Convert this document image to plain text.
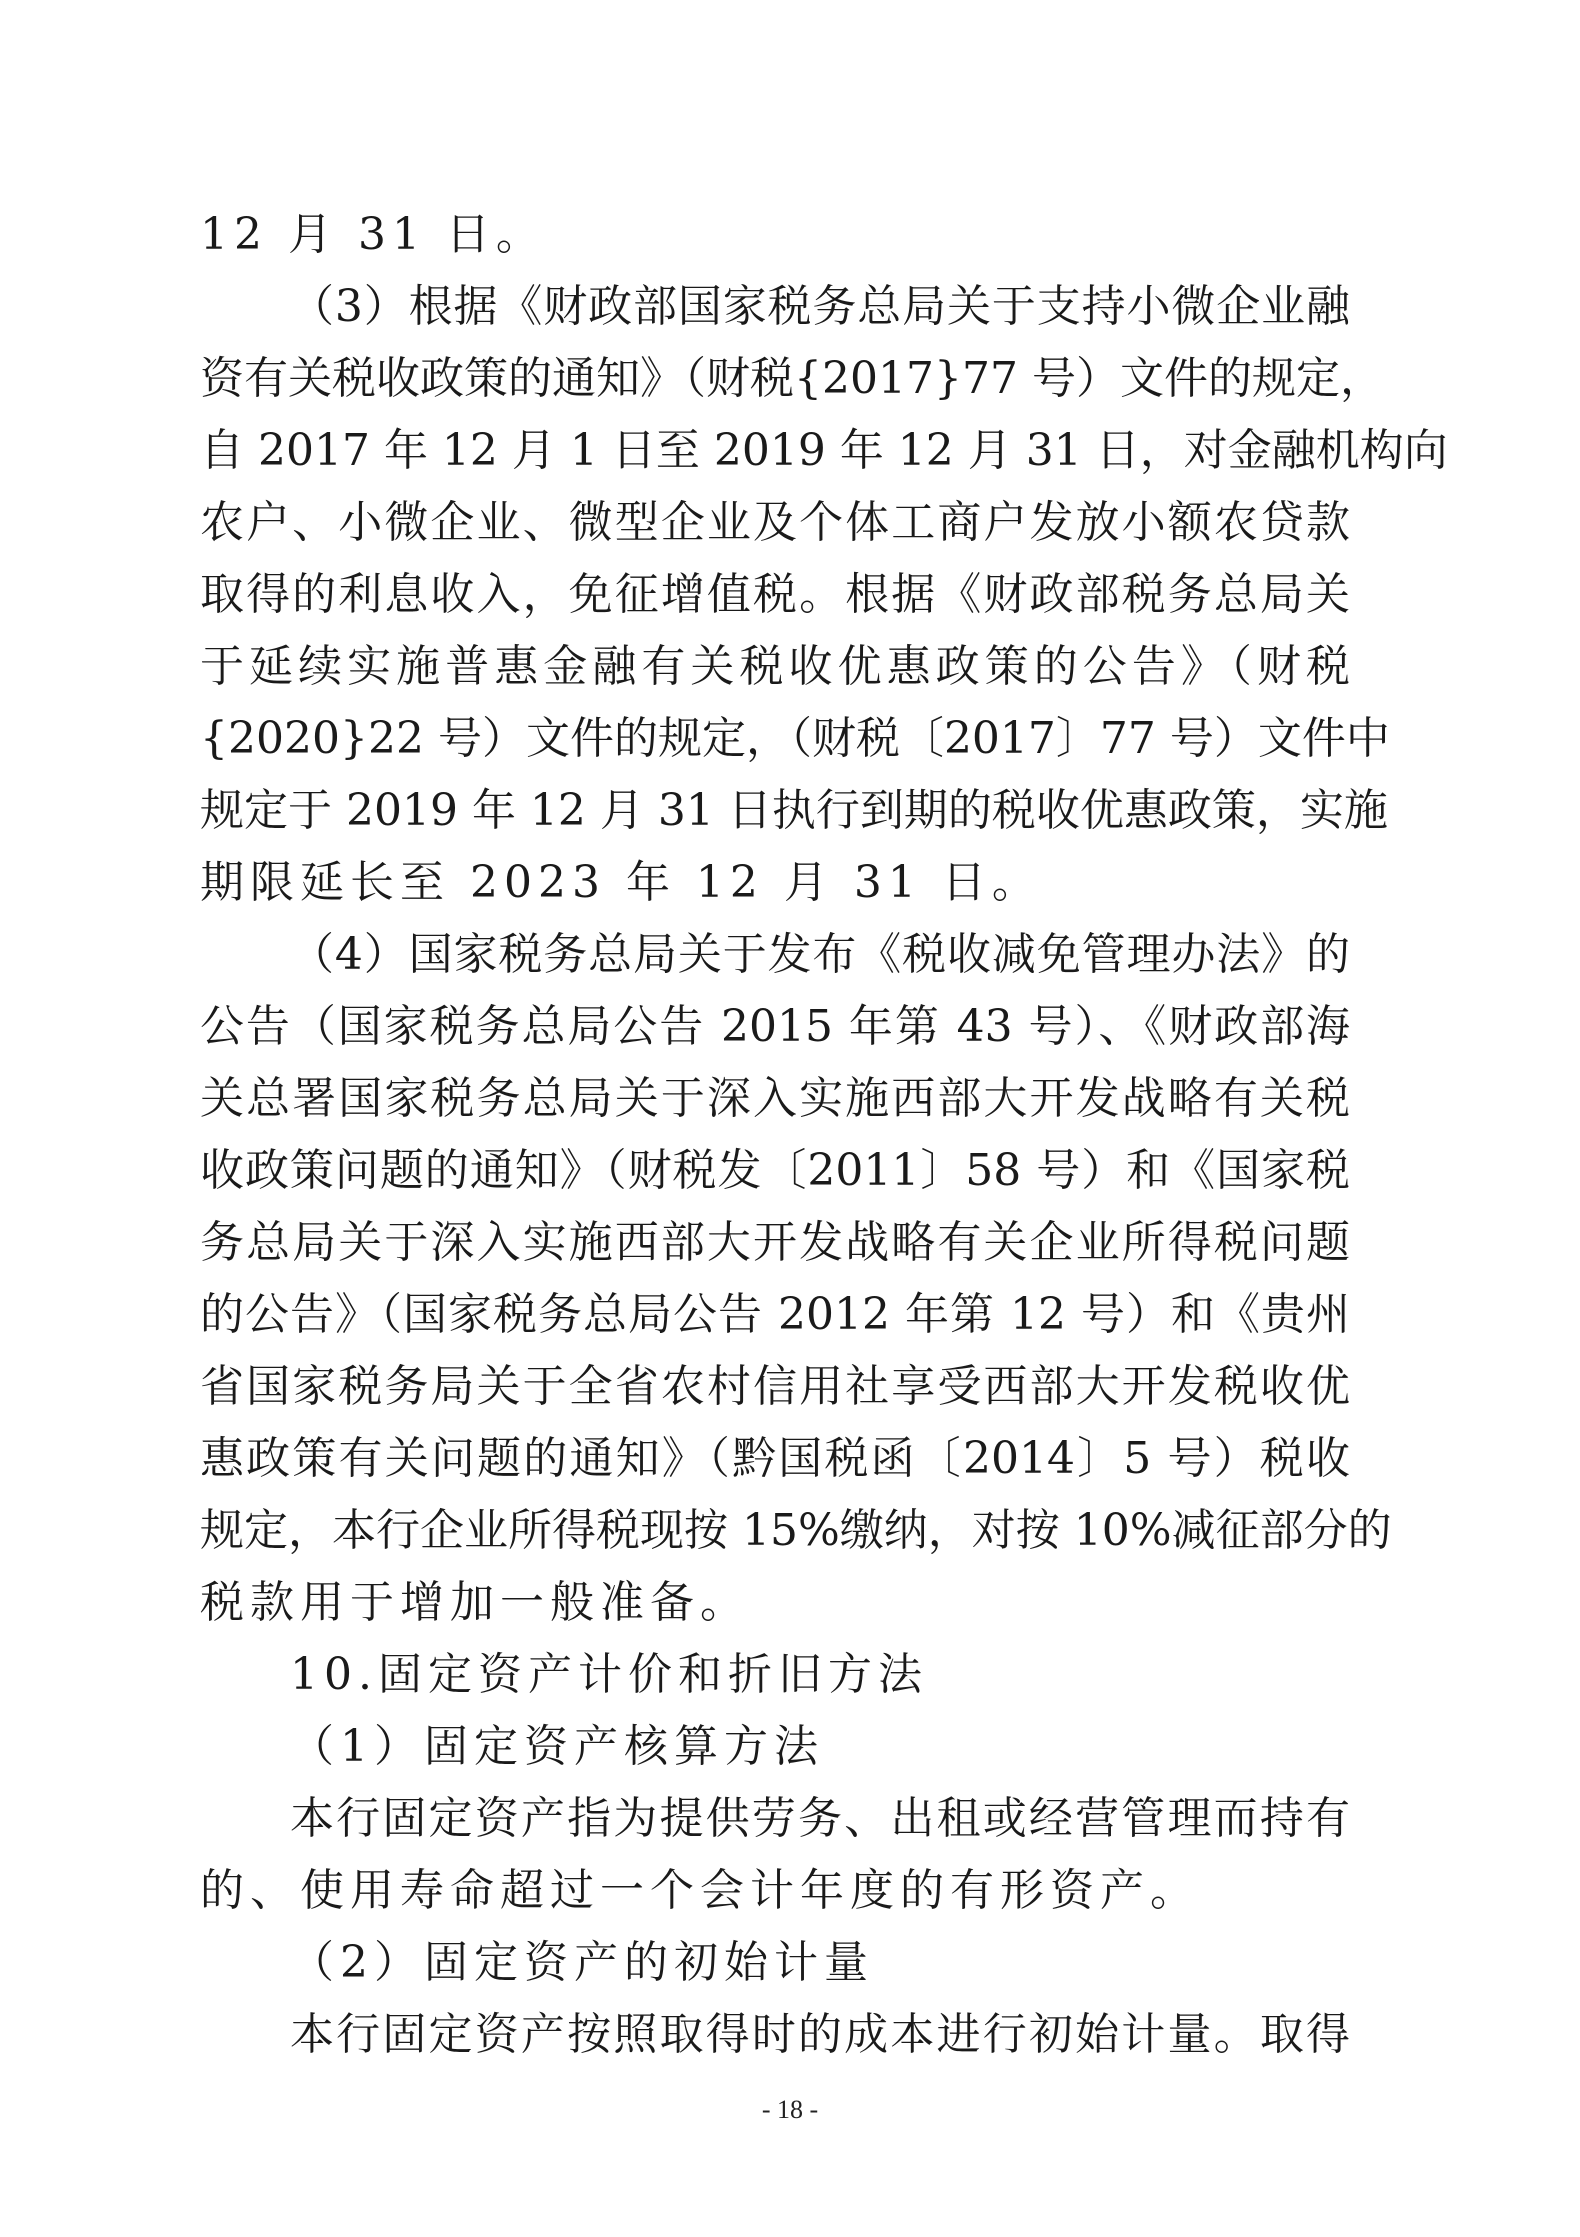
12 月 31 日。
（3）根据《财政部国家税务总局关于支持小微企业融
资有关税收政策的通知》（财税{2017}77 号）文件的规定，
自 2017 年 12 月 1 日至 2019 年 12 月 31 日，对金融机构向
农户、小微企业、微型企业及个体工商户发放小额农贷款
取得的利息收入，免征增值税。根据《财政部税务总局关
于延续实施普惠金融有关税收优惠政策的公告》（财税
{2020}22 号）文件的规定，（财税〔2017〕77 号）文件中
规定于 2019 年 12 月 31 日执行到期的税收优惠政策，实施
期限延长至 2023 年 12 月 31 日。
（4）国家税务总局关于发布《税收减免管理办法》的
公告（国家税务总局公告 2015 年第 43 号）、《财政部海
关总署国家税务总局关于深入实施西部大开发战略有关税
收政策问题的通知》（财税发〔2011〕58 号）和《国家税
务总局关于深入实施西部大开发战略有关企业所得税问题
的公告》（国家税务总局公告 2012 年第 12 号）和《贵州
省国家税务局关于全省农村信用社享受西部大开发税收优
惠政策有关问题的通知》（黔国税函〔2014〕5 号）税收
规定，本行企业所得税现按 15%缴纳，对按 10%减征部分的
税款用于增加一般准备。
10.固定资产计价和折旧方法
（1）固定资产核算方法
本行固定资产指为提供劳务、出租或经营管理而持有
的、使用寿命超过一个会计年度的有形资产。
（2）固定资产的初始计量
本行固定资产按照取得时的成本进行初始计量。取得
- 18 -
